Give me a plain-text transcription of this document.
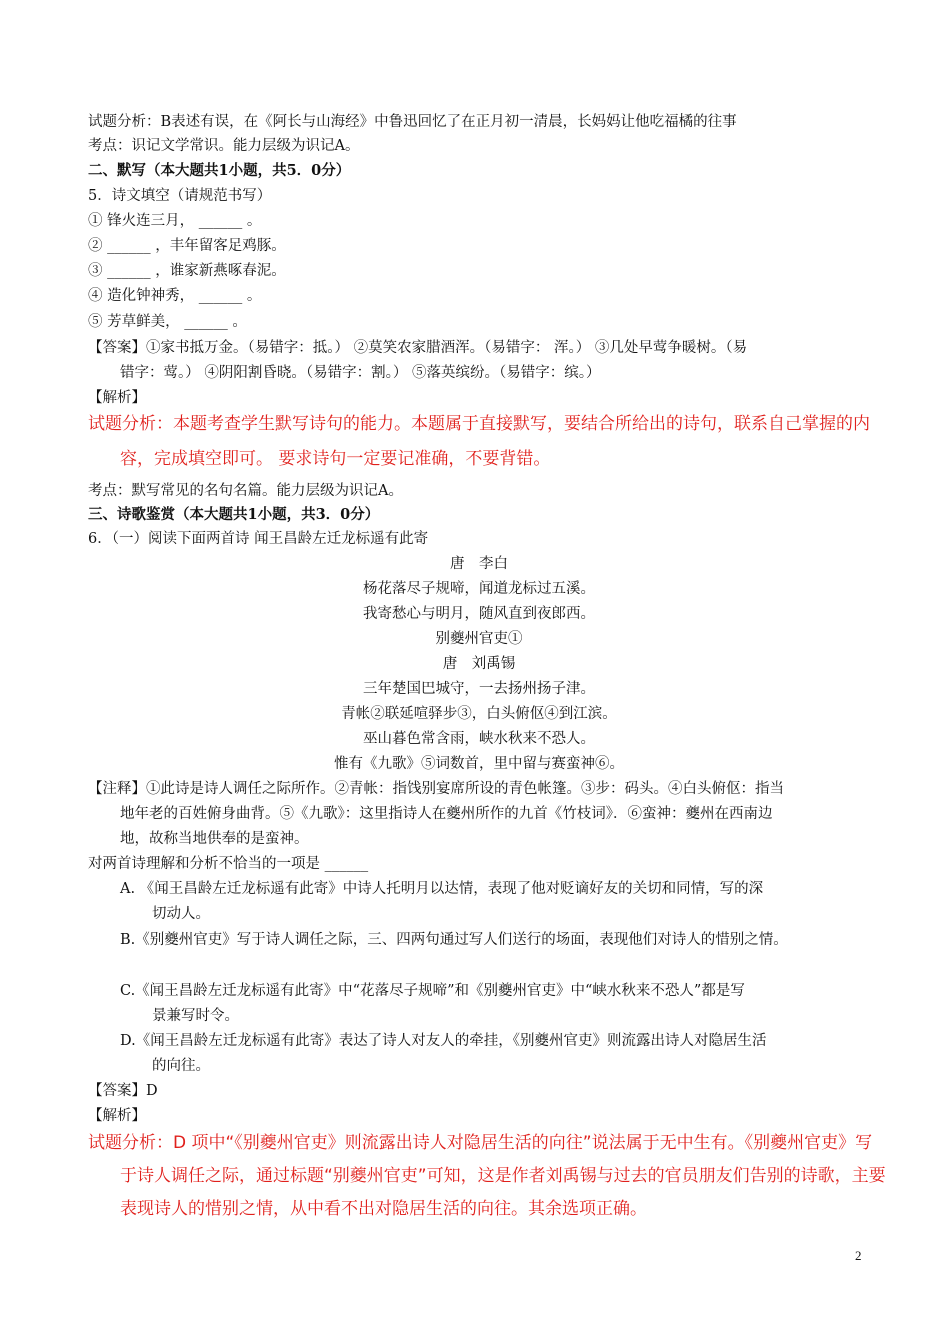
试题分析：B表述有误，在《阿长与山海经》中鲁迅回忆了在正月初一清晨，长妈妈让他吃福橘的往事
考点：识记文学常识。能力层级为识记A。
二、默写（本大题共1小题，共5．0分）
5．诗文填空（请规范书写）
① 锋火连三月， ______ 。
② ______ ，丰年留客足鸡豚。
③ ______ ，谁家新燕啄春泥。
④ 造化钟神秀， ______ 。
⑤ 芳草鲜美， ______ 。
【答案】①家书抵万金。（易错字：抵。） ②莫笑农家腊酒浑。（易错字： 浑。） ③几处早莺争暖树。（易
错字：莺。） ④阴阳割昏晓。（易错字：割。） ⑤落英缤纷。（易错字：缤。）
【解析】
试题分析：本题考查学生默写诗句的能力。本题属于直接默写，要结合所给出的诗句，联系自己掌握的内
容，完成填空即可。 要求诗句一定要记准确，不要背错。
考点：默写常见的名句名篇。能力层级为识记A。
三、诗歌鉴赏（本大题共1小题，共3．0分）
6．（一）阅读下面两首诗 闻王昌龄左迁龙标遥有此寄
唐　李白
杨花落尽子规啼，闻道龙标过五溪。
我寄愁心与明月，随风直到夜郎西。
别夔州官吏①
唐　刘禹锡
三年楚国巴城守，一去扬州扬子津。
青帐②联延喧驿步③，白头俯伛④到江滨。
巫山暮色常含雨，峡水秋来不恐人。
惟有《九歌》⑤词数首，里中留与赛蛮神⑥。
【注释】①此诗是诗人调任之际所作。②青帐：指饯别宴席所设的青色帐篷。③步：码头。④白头俯伛：指当
地年老的百姓俯身曲背。⑤《九歌》：这里指诗人在夔州所作的九首《竹枝词》．⑥蛮神：夔州在西南边
地，故称当地供奉的是蛮神。
对两首诗理解和分析不恰当的一项是 ______
A. 《闻王昌龄左迁龙标遥有此寄》中诗人托明月以达情，表现了他对贬谪好友的关切和同情，写的深
切动人。
B.《别夔州官吏》写于诗人调任之际，三、四两句通过写人们送行的场面，表现他们对诗人的惜别之情。
C.《闻王昌龄左迁龙标遥有此寄》中“花落尽子规啼”和《别夔州官吏》中“峡水秋来不恐人”都是写
景兼写时令。
D.《闻王昌龄左迁龙标遥有此寄》表达了诗人对友人的牵挂，《别夔州官吏》则流露出诗人对隐居生活
的向往。
【答案】D
【解析】
试题分析：D 项中“《别夔州官吏》则流露出诗人对隐居生活的向往”说法属于无中生有。《别夔州官吏》写
于诗人调任之际，通过标题“别夔州官吏”可知，这是作者刘禹锡与过去的官员朋友们告别的诗歌，主要
表现诗人的惜别之情，从中看不出对隐居生活的向往。其余选项正确。
2
